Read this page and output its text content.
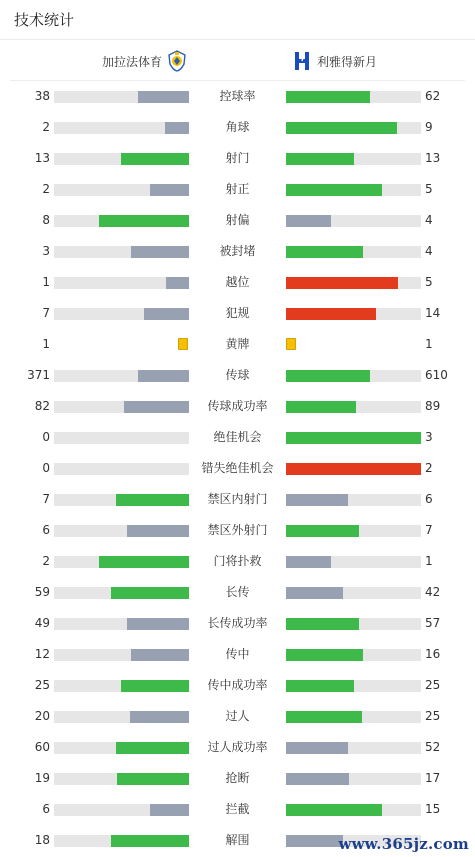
技术统计
加拉法体育	利雅得新月
38	控球率	62
2	角球	9
13	射门	13
2	射正	5
8	射偏	4
3	被封堵	4
1	越位	5
7	犯规	14
1	黄牌	1
371	传球	610
82	传球成功率	89
0	绝佳机会	3
0	错失绝佳机会	2
7	禁区内射门	6
6	禁区外射门	7
2	门将扑救	1
59	长传	42
49	长传成功率	57
12	传中	16
25	传中成功率	25
20	过人	25
60	过人成功率	52
19	抢断	17
6	拦截	15
18	解围	www.365jz.com
